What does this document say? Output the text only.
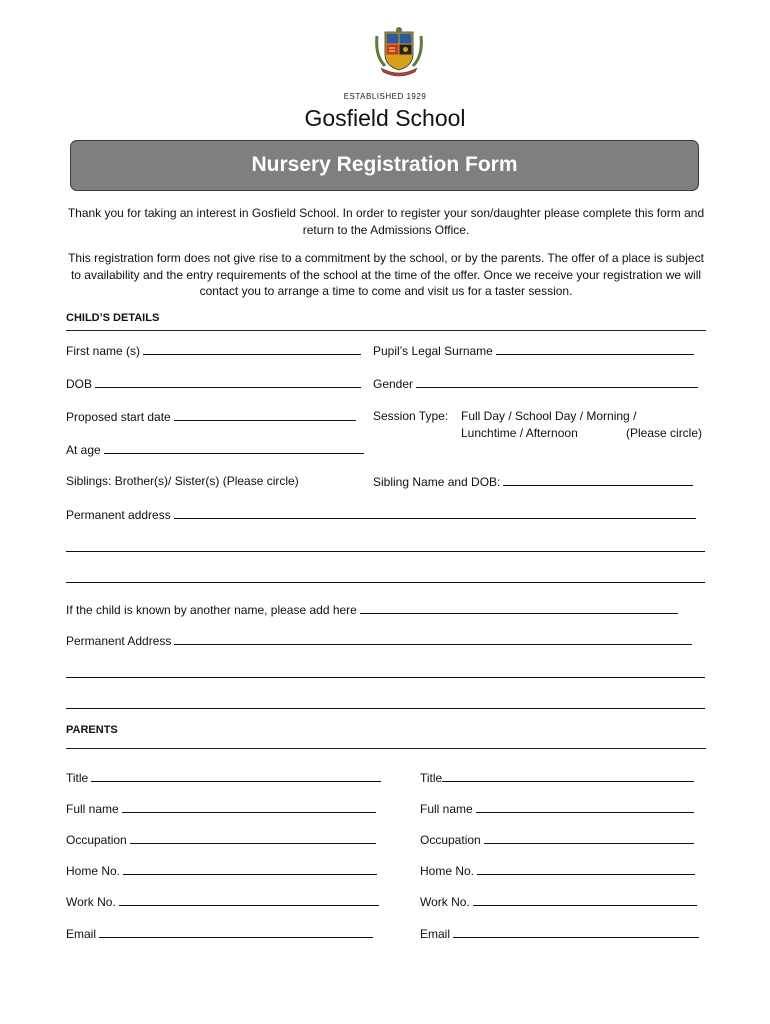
ESTABLISHED 1929
Gosfield School
Nursery Registration Form
Thank you for taking an interest in Gosfield School. In order to register your son/daughter please complete this form and return to the Admissions Office.
This registration form does not give rise to a commitment by the school, or by the parents. The offer of a place is subject to availability and the entry requirements of the school at the time of the offer. Once we receive your registration we will contact you to arrange a time to come and visit us for a taster session.
CHILD’S DETAILS
First name (s)	Pupil’s Legal Surname
DOB	Gender
Proposed start date	Session Type: Full Day / School Day / Morning /
Lunchtime / Afternoon	(Please circle)
At age
Siblings: Brother(s)/ Sister(s) (Please circle)	Sibling Name and DOB:
Permanent address
If the child is known by another name, please add here
Permanent Address
PARENTS
Title	Title
Full name	Full name
Occupation	Occupation
Home No.	Home No.
Work No.	Work No.
Email	Email
